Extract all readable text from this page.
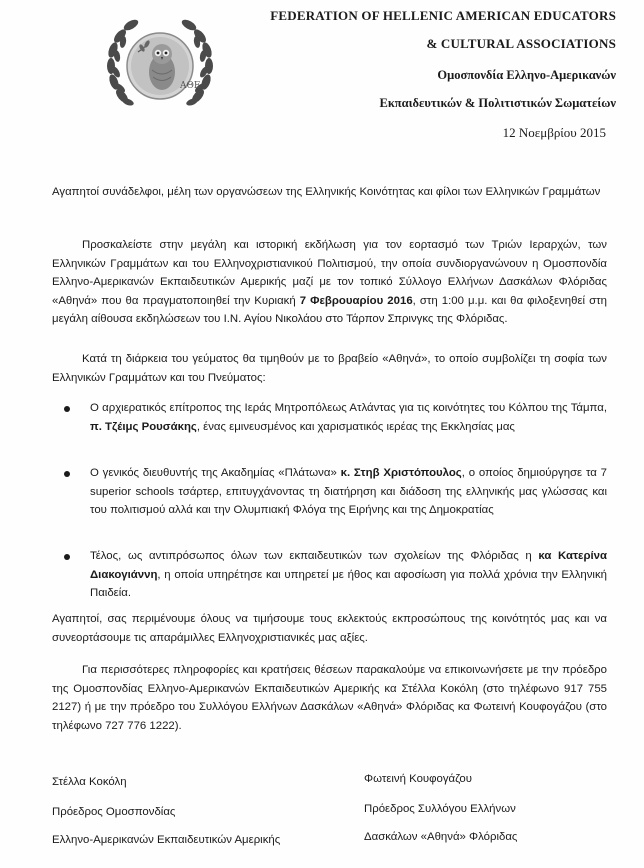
ΑΘΕ
FEDERATION OF HELLENIC AMERICAN EDUCATORS
& CULTURAL ASSOCIATIONS
Ομοσπονδία Ελληνο-Αμερικανών
Εκπαιδευτικών & Πολιτιστικών Σωματείων
12 Νοεμβρίου 2015
Αγαπητοί συνάδελφοι, μέλη των οργανώσεων της Ελληνικής Κοινότητας και φίλοι των Ελληνικών Γραμμάτων
Προσκαλείστε στην μεγάλη και ιστορική εκδήλωση για τον εορτασμό των Τριών Ιεραρχών, των Ελληνικών Γραμμάτων και του Ελληνοχριστιανικού Πολιτισμού, την οποία συνδιοργανώνουν η Ομοσπονδία Ελληνο-Αμερικανών Εκπαιδευτικών Αμερικής μαζί με τον τοπικό Σύλλογο Ελλήνων Δασκάλων Φλόριδας «Αθηνά» που θα πραγματοποιηθεί την Κυριακή 7 Φεβρουαρίου 2016, στη 1:00 μ.μ. και θα φιλοξενηθεί στη μεγάλη αίθουσα εκδηλώσεων του Ι.Ν. Αγίου Νικολάου στο Τάρπον Σπρινγκς της Φλόριδας.
Κατά τη διάρκεια του γεύματος θα τιμηθούν με το βραβείο «Αθηνά», το οποίο συμβολίζει τη σοφία των Ελληνικών Γραμμάτων και του Πνεύματος:
Ο αρχιερατικός επίτροπος της Ιεράς Μητροπόλεως Ατλάντας για τις κοινότητες του Κόλπου της Τάμπα, π. Τζέιμς Ρουσάκης, ένας εμινευσμένος και χαρισματικός ιερέας της Εκκλησίας μας
Ο γενικός διευθυντής της Ακαδημίας «Πλάτωνα» κ. Στηβ Χριστόπουλος, ο οποίος δημιούργησε τα 7 superior schools τσάρτερ, επιτυγχάνοντας τη διατήρηση και διάδοση της ελληνικής μας γλώσσας και του πολιτισμού αλλά και την Ολυμπιακή Φλόγα της Ειρήνης και της Δημοκρατίας
Τέλος, ως αντιπρόσωπος όλων των εκπαιδευτικών των σχολείων της Φλόριδας η κα Κατερίνα Διακογιάννη, η οποία υπηρέτησε και υπηρετεί με ήθος και αφοσίωση για πολλά χρόνια την Ελληνική Παιδεία.
Αγαπητοί, σας περιμένουμε όλους να τιμήσουμε τους εκλεκτούς εκπροσώπους της κοινότητός μας και να συνεορτάσουμε τις απαράμιλλες Ελληνοχριστιανικές μας αξίες.
Για περισσότερες πληροφορίες και κρατήσεις θέσεων παρακαλούμε να επικοινωνήσετε με την πρόεδρο της Ομοσπονδίας Ελληνο-Αμερικανών Εκπαιδευτικών Αμερικής κα Στέλλα Κοκόλη (στο τηλέφωνο 917 755 2127) ή με την πρόεδρο του Συλλόγου Ελλήνων Δασκάλων «Αθηνά» Φλόριδας κα Φωτεινή Κουφογάζου (στο τηλέφωνο 727 776 1222).
Στέλλα Κοκόλη
Πρόεδρος Ομοσπονδίας
Ελληνο-Αμερικανών Εκπαιδευτικών Αμερικής
Φωτεινή Κουφογάζου
Πρόεδρος Συλλόγου Ελλήνων
Δασκάλων «Αθηνά» Φλόριδας
